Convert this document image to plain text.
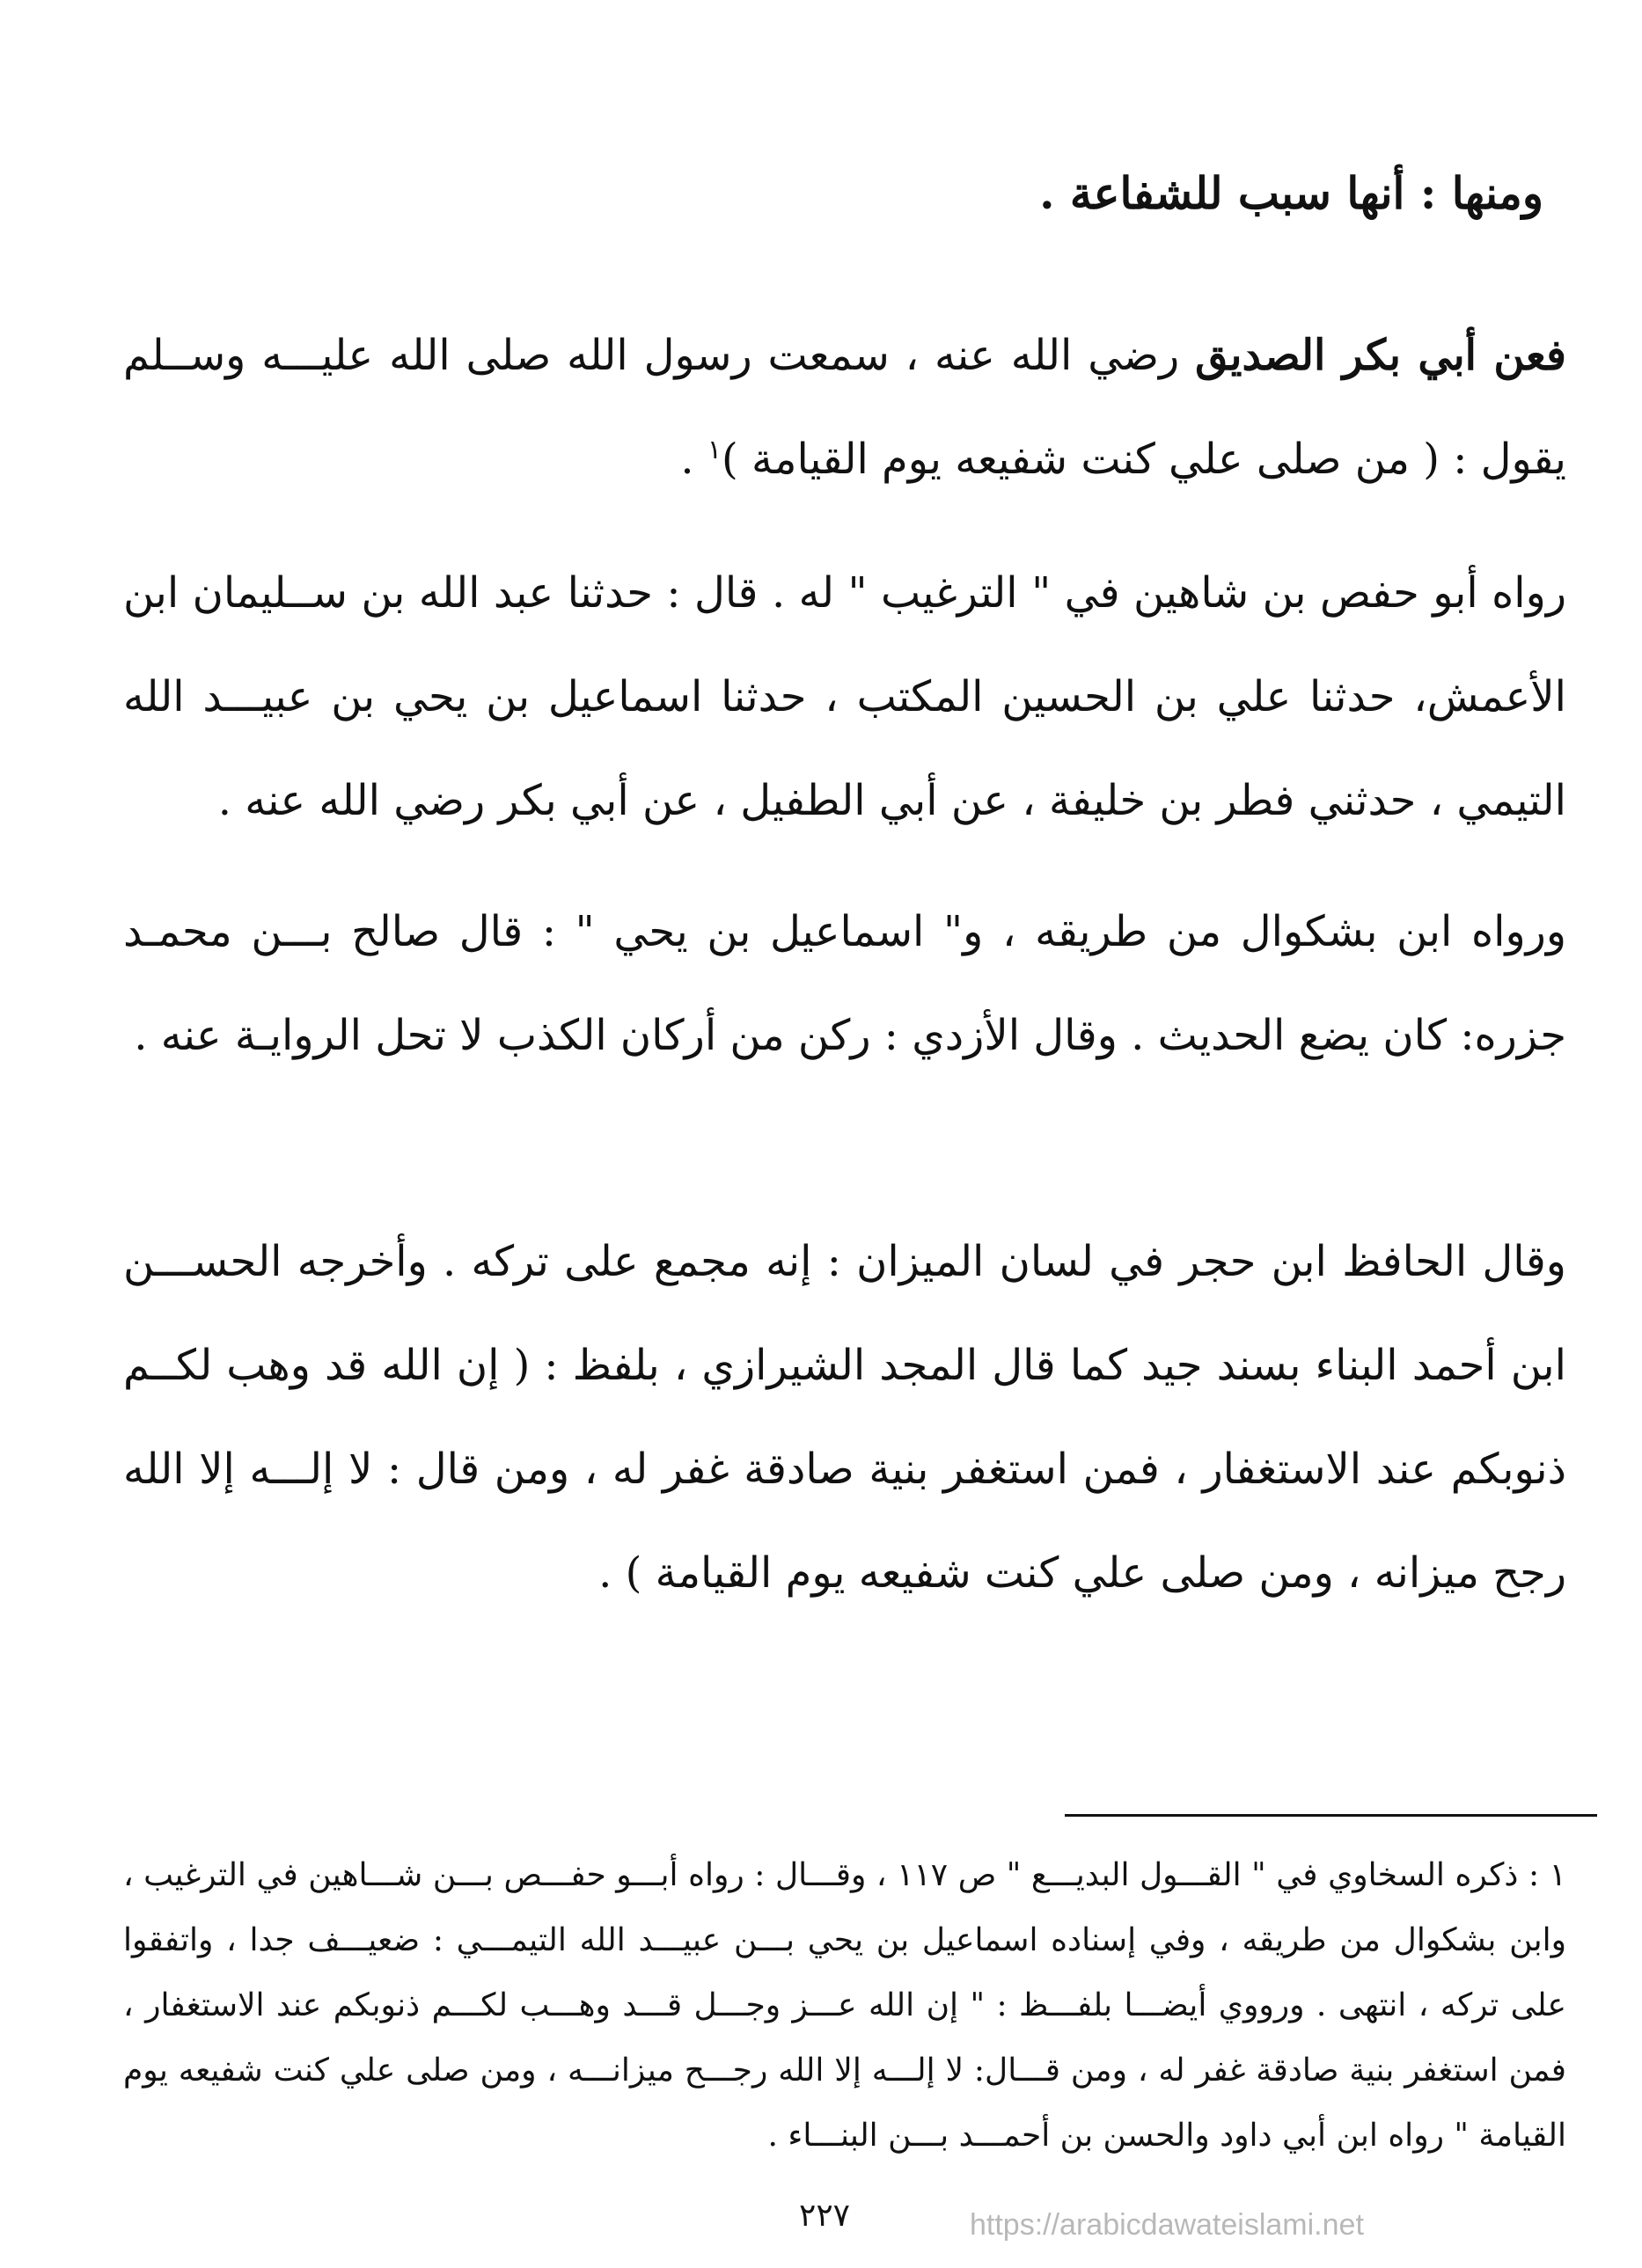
ومنها : أنها سبب للشفاعة .
فعن أبي بكر الصديق رضي الله عنه ، سمعت رسول الله صلى الله عليـــه وســلم يقول : ( من صلى علي كنت شفيعه يوم القيامة )$^١$ .
رواه أبو حفص بن شاهين في " الترغيب " له . قال : حدثنا عبد الله بن ســليمان ابن الأعمش، حدثنا علي بن الحسين المكتب ، حدثنا اسماعيل بن يحي بن عبيـــد الله التيمي ، حدثني فطر بن خليفة ، عن أبي الطفيل ، عن أبي بكر رضي الله عنه .
ورواه ابن بشكوال من طريقه ، و" اسماعيل بن يحي " : قال صالح بـــن محمـد جزره: كان يضع الحديث . وقال الأزدي : ركن من أركان الكذب لا تحل الروايـة عنه .
وقال الحافظ ابن حجر في لسان الميزان : إنه مجمع على تركه . وأخرجه الحســـن ابن أحمد البناء بسند جيد كما قال المجد الشيرازي ، بلفظ : ( إن الله قد وهب لكــم ذنوبكم عند الاستغفار ، فمن استغفر بنية صادقة غفر له ، ومن قال : لا إلـــه إلا الله رجح ميزانه ، ومن صلى علي كنت شفيعه يوم القيامة ) .
١ : ذكره السخاوي في " القـــول البديـــع " ص ١١٧ ، وقـــال : رواه أبـــو حفـــص بـــن شـــاهين في الترغيب ، وابن بشكوال من طريقه ، وفي إسناده اسماعيل بن يحي بـــن عبيـــد الله التيمـــي : ضعيـــف جدا ، واتفقوا على تركه ، انتهى . ورووي أيضـــا بلفـــظ : " إن الله عـــز وجـــل قـــد وهـــب لكـــم ذنوبكم عند الاستغفار ، فمن استغفر بنية صادقة غفر له ، ومن قـــال: لا إلـــه إلا الله رجـــح ميزانـــه ، ومن صلى علي كنت شفيعه يوم القيامة " رواه ابن أبي داود والحسن بن أحمـــد بـــن البنـــاء .
٢٢٧	https://arabicdawateislami.net
